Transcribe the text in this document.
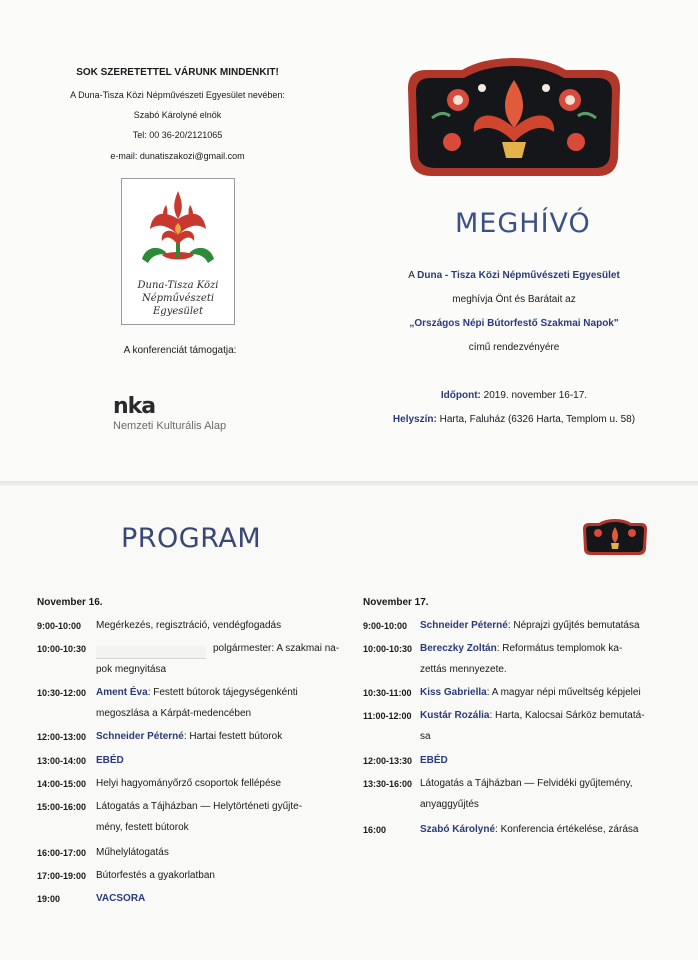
SOK SZERETETTEL VÁRUNK MINDENKIT!
A Duna-Tisza Közi Népművészeti Egyesület nevében:
Szabó Károlyné elnök
Tel: 00 36-20/2121065
e-mail: dunatiszakozi@gmail.com
Duna-Tisza Közi
Népművészeti
Egyesület
A konferenciát támogatja:
nka
Nemzeti Kulturális Alap
MEGHÍVÓ
A Duna - Tisza Közi Népművészeti Egyesület
meghívja Önt és Barátait az
„Országos Népi Bútorfestő Szakmai Napok"
című rendezvényére
Időpont: 2019. november 16-17.
Helyszín: Harta, Faluház (6326 Harta, Templom u. 58)
PROGRAM
November 16.
9:00-10:00 Megérkezés, regisztráció, vendégfogadás
10:00-10:30	polgármester: A szakmai na-
pok megnyitása
10:30-12:00 Ament Éva: Festett bútorok tájegységenkénti
megoszlása a Kárpát-medencében
12:00-13:00 Schneider Péterné: Hartai festett bútorok
13:00-14:00 EBÉD
14:00-15:00 Helyi hagyományőrző csoportok fellépése
15:00-16:00 Látogatás a Tájházban — Helytörténeti gyűjte-
mény, festett bútorok
16:00-17:00 Műhelylátogatás
17:00-19:00 Bútorfestés a gyakorlatban
19:00	VACSORA
November 17.
9:00-10:00 Schneider Péterné: Néprajzi gyűjtés bemutatása
10:00-10:30 Bereczky Zoltán: Református templomok ka-
zettás mennyezete.
10:30-11:00 Kiss Gabriella: A magyar népi műveltség képjelei
11:00-12:00 Kustár Rozália: Harta, Kalocsai Sárköz bemutatá-
sa
12:00-13:30 EBÉD
13:30-16:00 Látogatás a Tájházban — Felvidéki gyűjtemény,
anyaggyűjtés
16:00	Szabó Károlyné: Konferencia értékelése, zárása
